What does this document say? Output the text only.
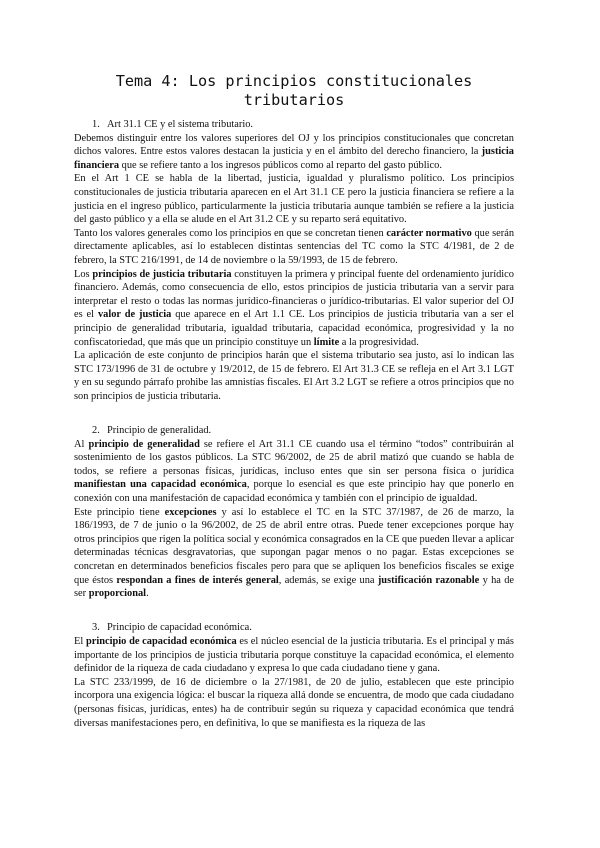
Tema 4: Los principios constitucionales tributarios
1. Art 31.1 CE y el sistema tributario.

Debemos distinguir entre los valores superiores del OJ y los principios constitucionales que concretan dichos valores. Entre estos valores destacan la justicia y en el ámbito del derecho financiero, la justicia financiera que se refiere tanto a los ingresos públicos como al reparto del gasto público.

En el Art 1 CE se habla de la libertad, justicia, igualdad y pluralismo político. Los principios constitucionales de justicia tributaria aparecen en el Art 31.1 CE pero la justicia financiera se refiere a la justicia en el ingreso público, particularmente la justicia tributaria aunque también se refiere a la justicia del gasto público y a ella se alude en el Art 31.2 CE y su reparto será equitativo.

Tanto los valores generales como los principios en que se concretan tienen carácter normativo que serán directamente aplicables, así lo establecen distintas sentencias del TC como la STC 4/1981, de 2 de febrero, la STC 216/1991, de 14 de noviembre o la 59/1993, de 15 de febrero.

Los principios de justicia tributaria constituyen la primera y principal fuente del ordenamiento jurídico financiero. Además, como consecuencia de ello, estos principios de justicia tributaria van a servir para interpretar el resto o todas las normas jurídico-financieras o jurídico-tributarias. El valor superior del OJ es el valor de justicia que aparece en el Art 1.1 CE. Los principios de justicia tributaria van a ser el principio de generalidad tributaria, igualdad tributaria, capacidad económica, progresividad y la no confiscatoriedad, que más que un principio constituye un límite a la progresividad.

La aplicación de este conjunto de principios harán que el sistema tributario sea justo, así lo indican las STC 173/1996 de 31 de octubre y 19/2012, de 15 de febrero. El Art 31.3 CE se refleja en el Art 3.1 LGT y en su segundo párrafo prohibe las amnistías fiscales. El Art 3.2 LGT se refiere a otros principios que no son principios de justicia tributaria.

2. Principio de generalidad.

Al principio de generalidad se refiere el Art 31.1 CE cuando usa el término “todos” contribuirán al sostenimiento de los gastos públicos. La STC 96/2002, de 25 de abril matizó que cuando se habla de todos, se refiere a personas físicas, jurídicas, incluso entes que sin ser persona física o jurídica manifiestan una capacidad económica, porque lo esencial es que este principio hay que ponerlo en conexión con una manifestación de capacidad económica y también con el principio de igualdad.

Este principio tiene excepciones y así lo establece el TC en la STC 37/1987, de 26 de marzo, la 186/1993, de 7 de junio o la 96/2002, de 25 de abril entre otras. Puede tener excepciones porque hay otros principios que rigen la política social y económica consagrados en la CE que pueden llevar a aplicar determinadas técnicas desgravatorias, que supongan pagar menos o no pagar. Estas excepciones se concretan en determinados beneficios fiscales pero para que se apliquen los beneficios fiscales se exige que éstos respondan a fines de interés general, además, se exige una justificación razonable y ha de ser proporcional.

3. Principio de capacidad económica.

El principio de capacidad económica es el núcleo esencial de la justicia tributaria. Es el principal y más importante de los principios de justicia tributaria porque constituye la capacidad económica, el elemento definidor de la riqueza de cada ciudadano y expresa lo que cada ciudadano tiene y gana.

La STC 233/1999, de 16 de diciembre o la 27/1981, de 20 de julio, establecen que este principio incorpora una exigencia lógica: el buscar la riqueza allá donde se encuentra, de modo que cada ciudadano (personas físicas, jurídicas, entes) ha de contribuir según su riqueza y capacidad económica que tendrá diversas manifestaciones pero, en definitiva, lo que se manifiesta es la riqueza de las
